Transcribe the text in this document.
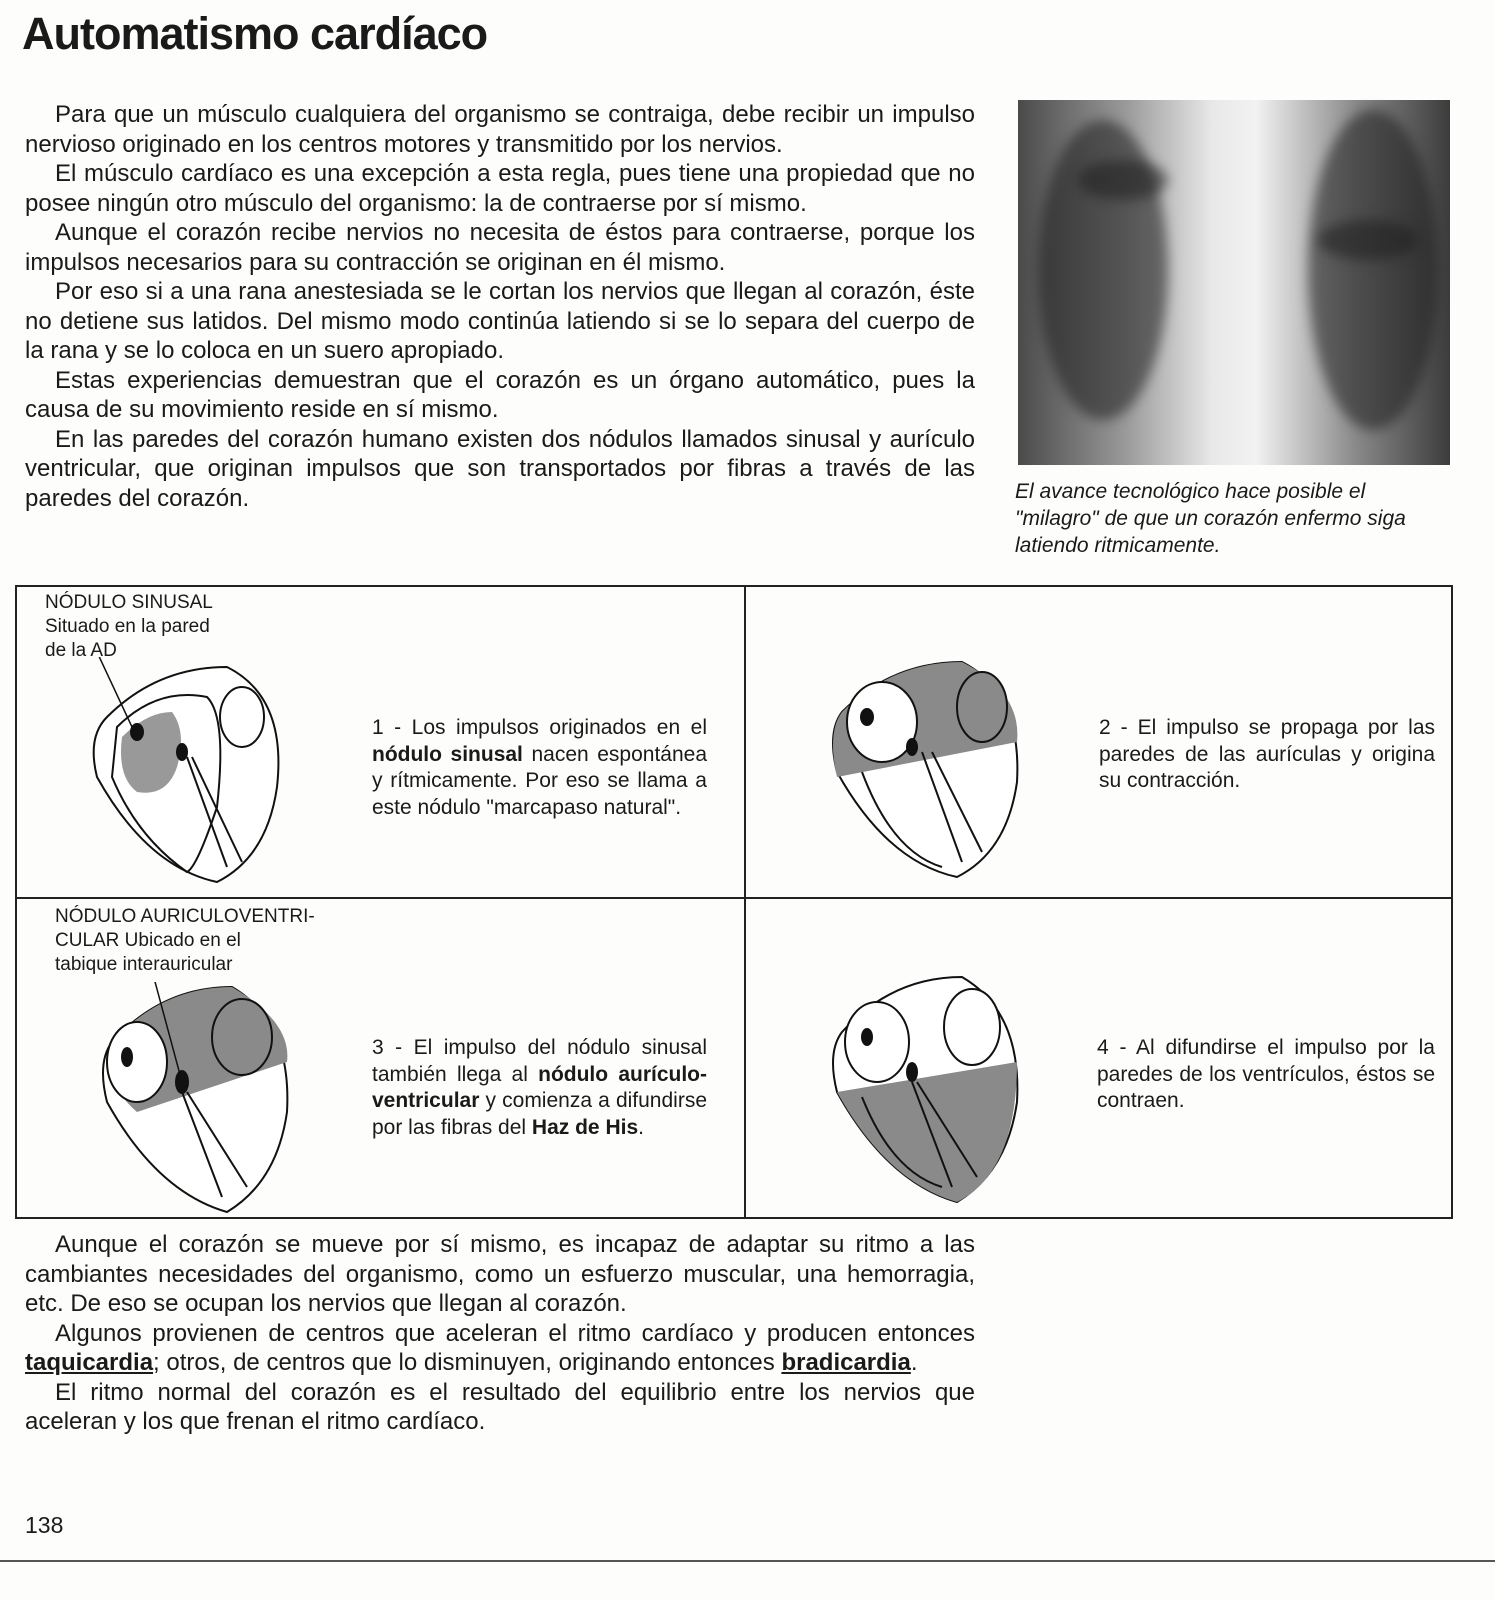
Automatismo cardíaco

Para que un músculo cualquiera del organismo se contraiga, debe recibir un impulso nervioso originado en los centros motores y transmitido por los nervios.

El músculo cardíaco es una excepción a esta regla, pues tiene una propiedad que no posee ningún otro músculo del organismo: la de contraerse por sí mismo.

Aunque el corazón recibe nervios no necesita de éstos para contraerse, porque los impulsos necesarios para su contracción se originan en él mismo.

Por eso si a una rana anestesiada se le cortan los nervios que llegan al corazón, éste no detiene sus latidos. Del mismo modo continúa latiendo si se lo separa del cuerpo de la rana y se lo coloca en un suero apropiado.

Estas experiencias demuestran que el corazón es un órgano automático, pues la causa de su movimiento reside en sí mismo.

En las paredes del corazón humano existen dos nódulos llamados sinusal y aurículo ventricular, que originan impulsos que son transportados por fibras a través de las paredes del corazón.	El avance tecnológico hace posible el "milagro" de que un corazón enfermo siga latiendo ritmicamente.
NÓDULO SINUSAL
Situado en la pared
de la AD
1 - Los impulsos originados en el nódulo sinusal nacen espontánea y rítmicamente. Por eso se llama a este nódulo "marcapaso natural".
2 - El impulso se propaga por las paredes de las aurículas y origina su contracción.
NÓDULO AURICULOVENTRI-
CULAR Ubicado en el
tabique interauricular
3 - El impulso del nódulo sinusal también llega al nódulo aurículo-ventricular y comienza a difundirse por las fibras del Haz de His.
4 - Al difundirse el impulso por la paredes de los ventrículos, éstos se contraen.

Aunque el corazón se mueve por sí mismo, es incapaz de adaptar su ritmo a las cambiantes necesidades del organismo, como un esfuerzo muscular, una hemorragia, etc. De eso se ocupan los nervios que llegan al corazón.

Algunos provienen de centros que aceleran el ritmo cardíaco y producen entonces taquicardia; otros, de centros que lo disminuyen, originando entonces bradicardia.

El ritmo normal del corazón es el resultado del equilibrio entre los nervios que aceleran y los que frenan el ritmo cardíaco.

138
